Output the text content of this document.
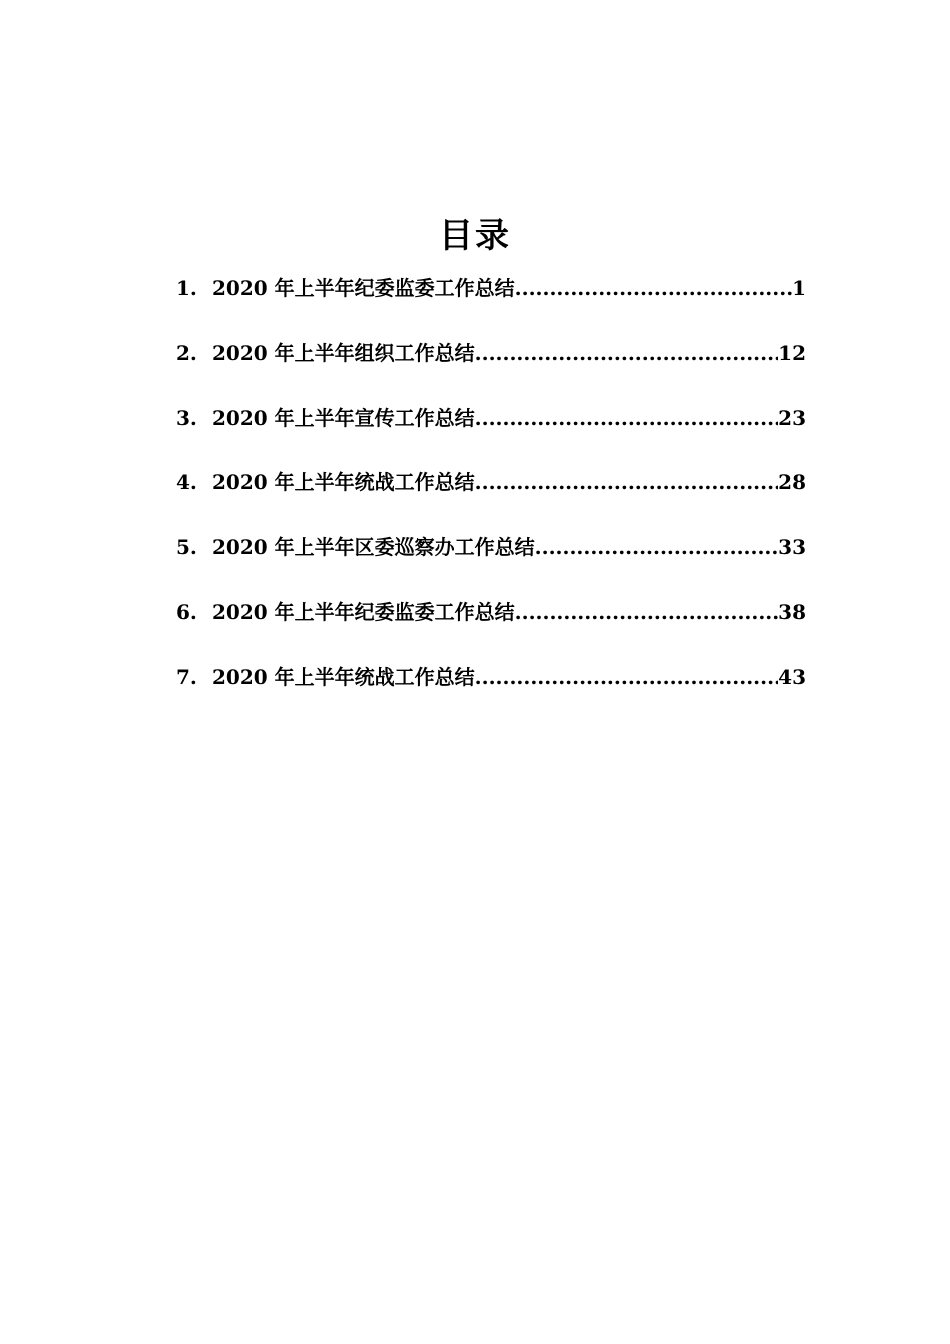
目录
1. 2020 年上半年纪委监委工作总结 .....	1
2. 2020 年上半年组织工作总结 .....	12
3. 2020 年上半年宣传工作总结 .....	23
4. 2020 年上半年统战工作总结 .....	28
5. 2020 年上半年区委巡察办工作总结 .....	33
6. 2020 年上半年纪委监委工作总结 .....	38
7. 2020 年上半年统战工作总结 .....	43
